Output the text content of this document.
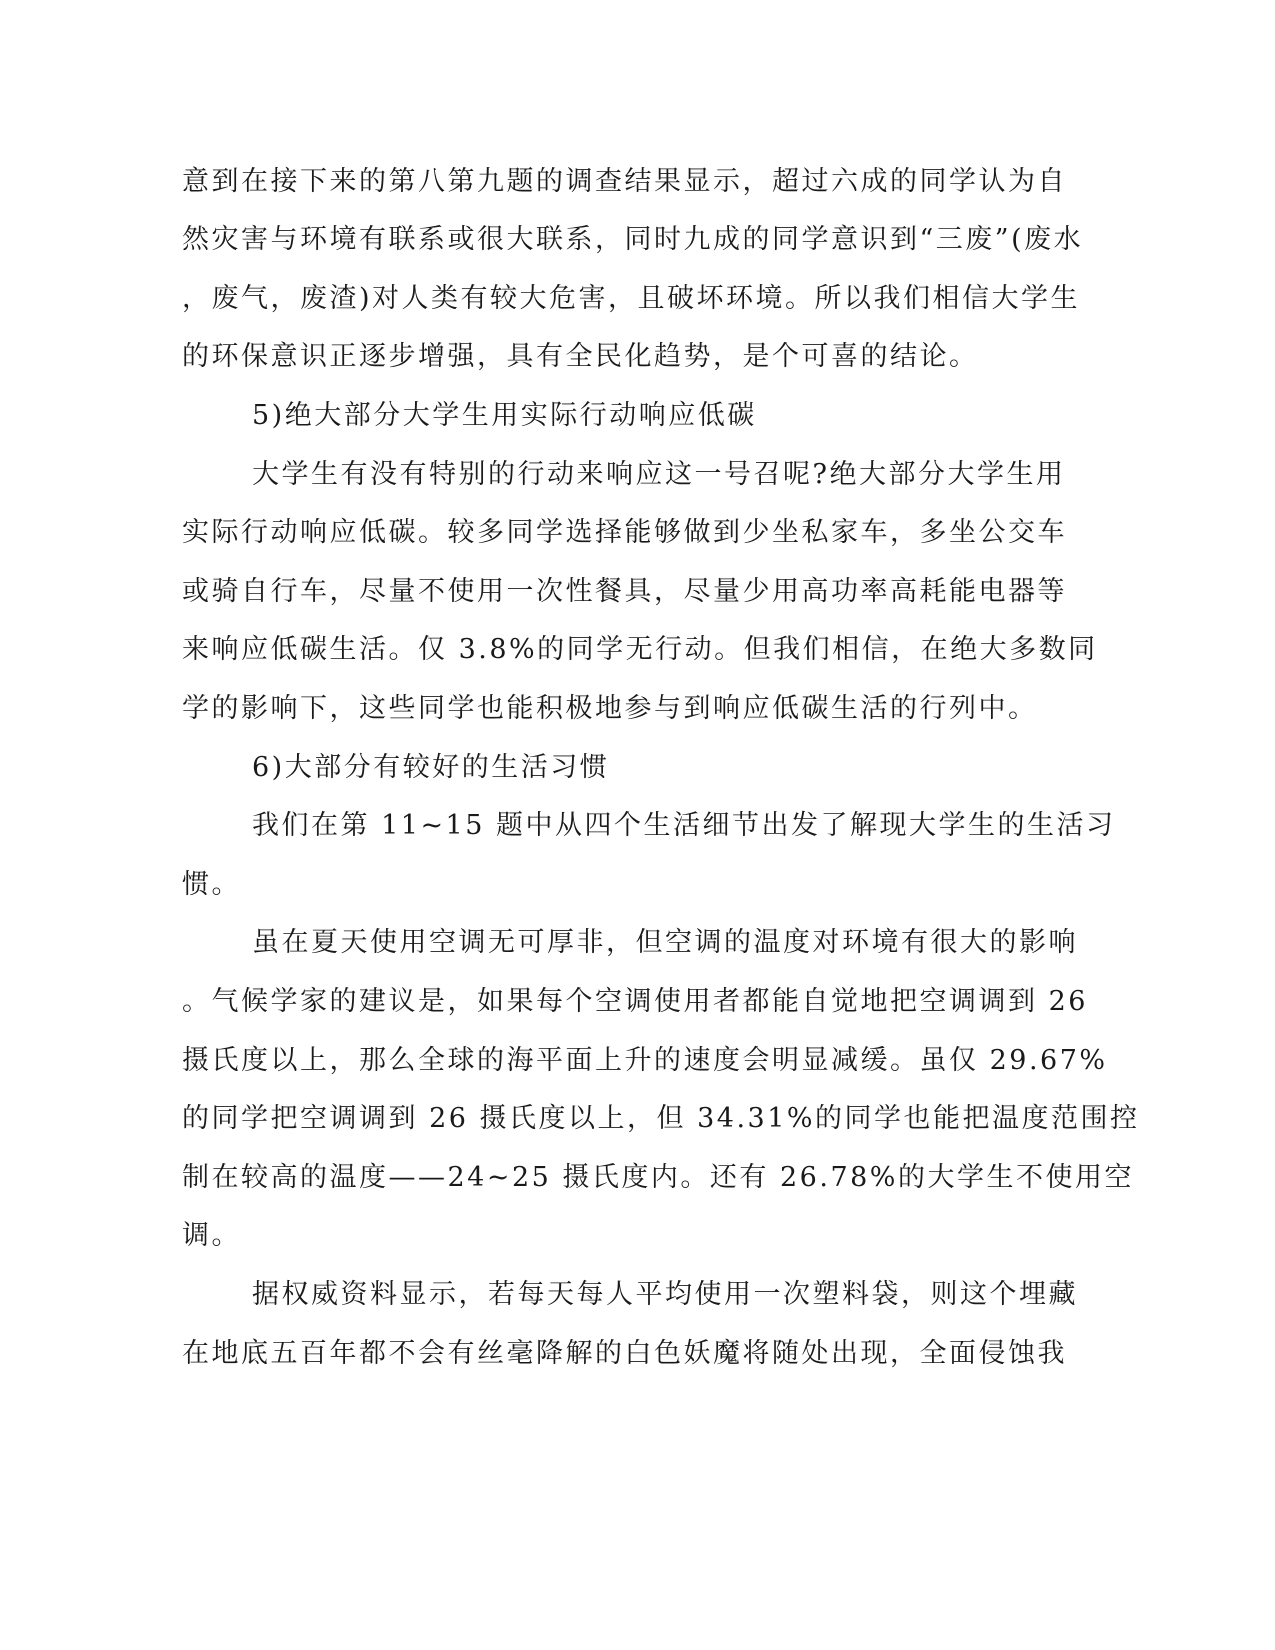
意到在接下来的第八第九题的调查结果显示，超过六成的同学认为自
然灾害与环境有联系或很大联系，同时九成的同学意识到“三废”(废水
，废气，废渣)对人类有较大危害，且破坏环境。所以我们相信大学生
的环保意识正逐步增强，具有全民化趋势，是个可喜的结论。
5)绝大部分大学生用实际行动响应低碳
大学生有没有特别的行动来响应这一号召呢?绝大部分大学生用
实际行动响应低碳。较多同学选择能够做到少坐私家车，多坐公交车
或骑自行车，尽量不使用一次性餐具，尽量少用高功率高耗能电器等
来响应低碳生活。仅 3.8%的同学无行动。但我们相信，在绝大多数同
学的影响下，这些同学也能积极地参与到响应低碳生活的行列中。
6)大部分有较好的生活习惯
我们在第 11~15 题中从四个生活细节出发了解现大学生的生活习
惯。
虽在夏天使用空调无可厚非，但空调的温度对环境有很大的影响
。气候学家的建议是，如果每个空调使用者都能自觉地把空调调到 26
摄氏度以上，那么全球的海平面上升的速度会明显减缓。虽仅 29.67%
的同学把空调调到 26 摄氏度以上，但 34.31%的同学也能把温度范围控
制在较高的温度——24~25 摄氏度内。还有 26.78%的大学生不使用空
调。
据权威资料显示，若每天每人平均使用一次塑料袋，则这个埋藏
在地底五百年都不会有丝毫降解的白色妖魔将随处出现，全面侵蚀我
